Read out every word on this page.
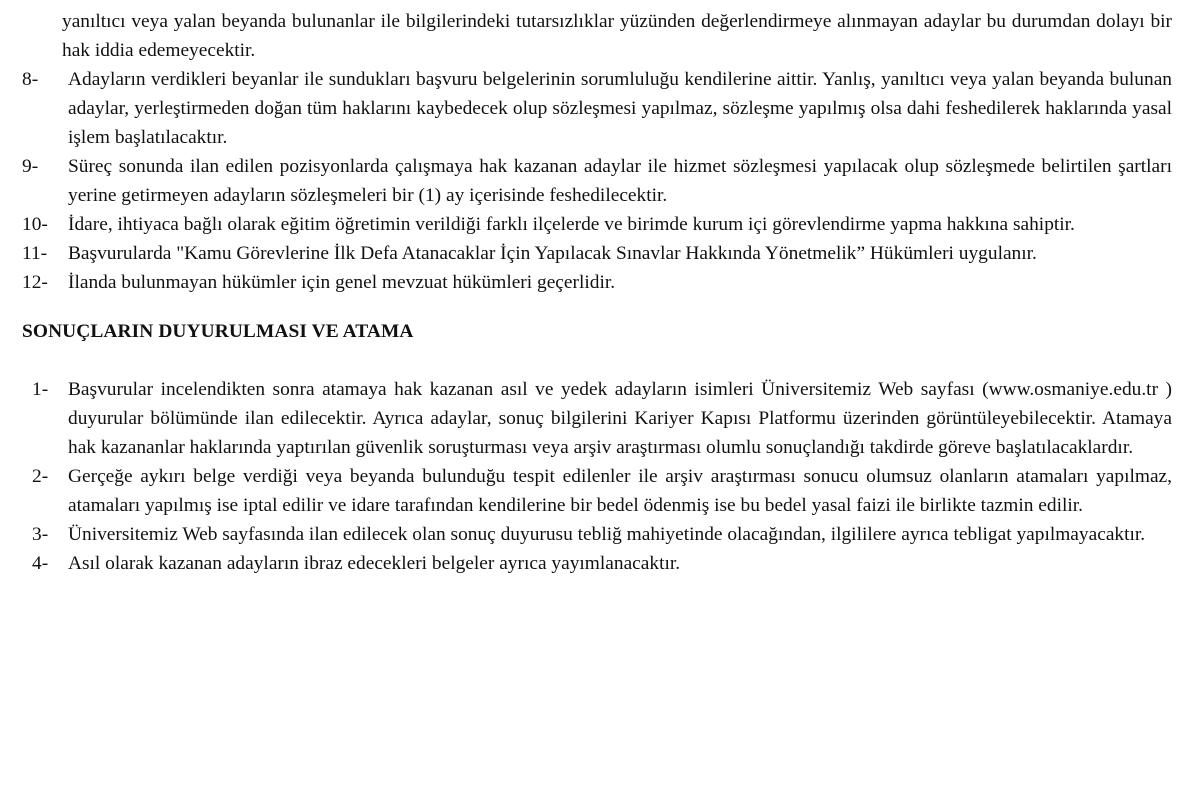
yanıltıcı veya yalan beyanda bulunanlar ile bilgilerindeki tutarsızlıklar yüzünden değerlendirmeye alınmayan adaylar bu durumdan dolayı bir hak iddia edemeyecektir.

8-	Adayların verdikleri beyanlar ile sundukları başvuru belgelerinin sorumluluğu kendilerine aittir. Yanlış, yanıltıcı veya yalan beyanda bulunan adaylar, yerleştirmeden doğan tüm haklarını kaybedecek olup sözleşmesi yapılmaz, sözleşme yapılmış olsa dahi feshedilerek haklarında yasal işlem başlatılacaktır.

9-	Süreç sonunda ilan edilen pozisyonlarda çalışmaya hak kazanan adaylar ile hizmet sözleşmesi yapılacak olup sözleşmede belirtilen şartları yerine getirmeyen adayların sözleşmeleri bir (1) ay içerisinde feshedilecektir.

10-	İdare, ihtiyaca bağlı olarak eğitim öğretimin verildiği farklı ilçelerde ve birimde kurum içi görevlendirme yapma hakkına sahiptir.

11-	Başvurularda "Kamu Görevlerine İlk Defa Atanacaklar İçin Yapılacak Sınavlar Hakkında Yönetmelik” Hükümleri uygulanır.

12-	İlanda bulunmayan hükümler için genel mevzuat hükümleri geçerlidir.

SONUÇLARIN DUYURULMASI VE ATAMA
1-	Başvurular incelendikten sonra atamaya hak kazanan asıl ve yedek adayların isimleri Üniversitemiz Web sayfası (www.osmaniye.edu.tr ) duyurular bölümünde ilan edilecektir. Ayrıca adaylar, sonuç bilgilerini Kariyer Kapısı Platformu üzerinden görüntüleyebilecektir. Atamaya hak kazananlar haklarında yaptırılan güvenlik soruşturması veya arşiv araştırması olumlu sonuçlandığı takdirde göreve başlatılacaklardır.

2-	Gerçeğe aykırı belge verdiği veya beyanda bulunduğu tespit edilenler ile arşiv araştırması sonucu olumsuz olanların atamaları yapılmaz, atamaları yapılmış ise iptal edilir ve idare tarafından kendilerine bir bedel ödenmiş ise bu bedel yasal faizi ile birlikte tazmin edilir.

3-	Üniversitemiz Web sayfasında ilan edilecek olan sonuç duyurusu tebliğ mahiyetinde olacağından, ilgililere ayrıca tebligat yapılmayacaktır.

4-	Asıl olarak kazanan adayların ibraz edecekleri belgeler ayrıca yayımlanacaktır.
